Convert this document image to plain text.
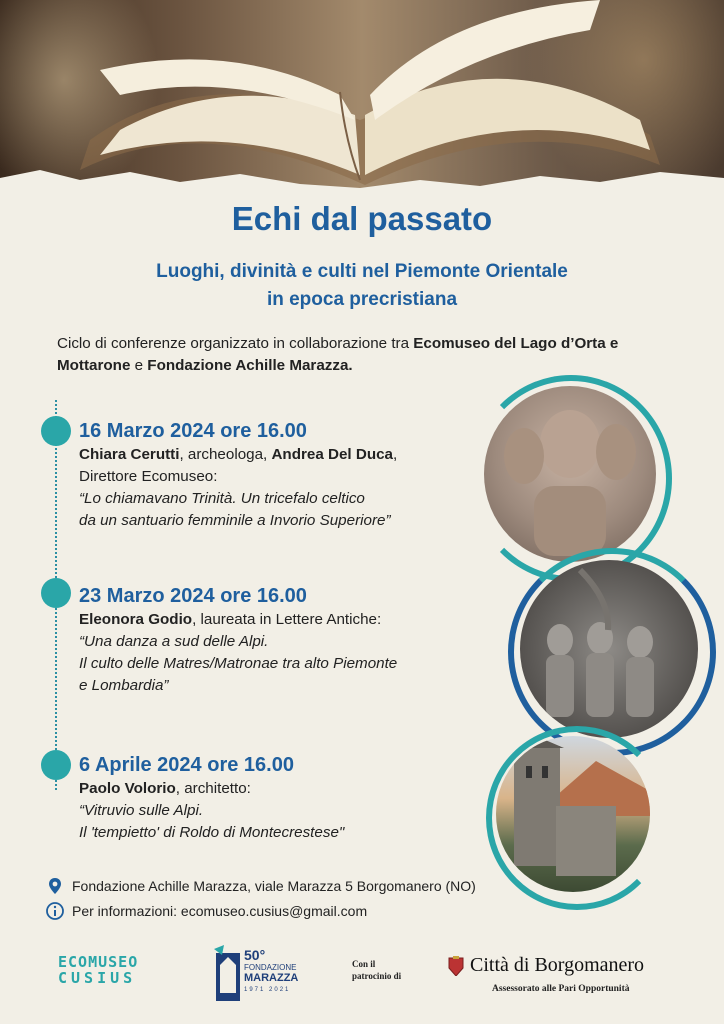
Echi dal passato
Luoghi, divinità e culti nel Piemonte Orientale
in epoca precristiana
Ciclo di conferenze organizzato in collaborazione tra Ecomuseo del Lago d’Orta e Mottarone e Fondazione Achille Marazza.
16 Marzo 2024 ore 16.00
Chiara Cerutti, archeologa, Andrea Del Duca,
Direttore Ecomuseo:
“Lo chiamavano Trinità. Un tricefalo celtico
da un santuario femminile a Invorio Superiore”
23 Marzo 2024 ore 16.00
Eleonora Godio, laureata in Lettere Antiche:
“Una danza a sud delle Alpi.
Il culto delle Matres/Matronae tra alto Piemonte
e Lombardia”
6 Aprile 2024 ore 16.00
Paolo Volorio, architetto:
“Vitruvio sulle Alpi.
Il 'tempietto' di Roldo di Montecrestese"
Fondazione Achille Marazza, viale Marazza 5 Borgomanero (NO)
Per informazioni: ecomuseo.cusius@gmail.com
ECOMUSEO
CUSIUS
50°
FONDAZIONE
MARAZZA
1971 2021
Con il
patrocinio di	Città di Borgomanero
Assessorato alle Pari Opportunità
